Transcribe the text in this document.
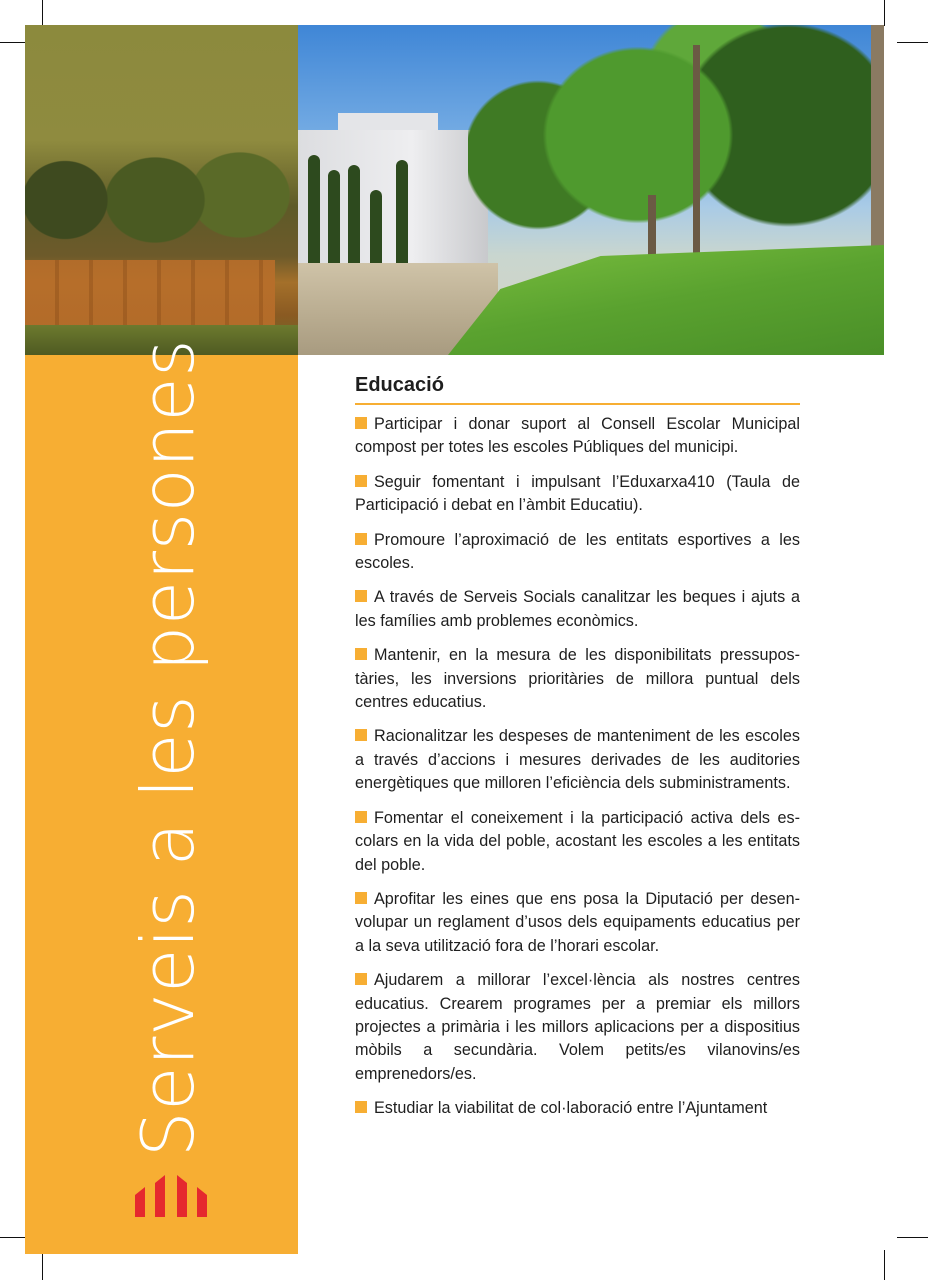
Serveis a les persones	Educació
Participar i donar suport al Consell Escolar Municipal compost per totes les escoles Públiques del municipi.
Seguir fomentant i impulsant l’Eduxarxa410 (Taula de Participació i debat en l’àmbit Educatiu).
Promoure l’aproximació de les entitats esportives a les escoles.
A través de Serveis Socials canalitzar les beques i ajuts a les famílies amb problemes econòmics.
Mantenir, en la mesura de les disponibilitats pressupostàries, les inversions prioritàries de millora puntual dels centres educatius.
Racionalitzar les despeses de manteniment de les escoles a través d’accions i mesures derivades de les auditories energètiques que milloren l’eficiència dels subministraments.
Fomentar el coneixement i la participació activa dels escolars en la vida del poble, acostant les escoles a les entitats del poble.
Aprofitar les eines que ens posa la Diputació per desenvolupar un reglament d’usos dels equipaments educatius per a la seva utilització fora de l’horari escolar.
Ajudarem a millorar l’excel·lència als nostres centres educatius. Crearem programes per a premiar els millors projectes a primària i les millors aplicacions per a dispositius mòbils a secundària. Volem petits/es vilanovins/es emprenedors/es.
Estudiar la viabilitat de col·laboració entre l’Ajuntament
